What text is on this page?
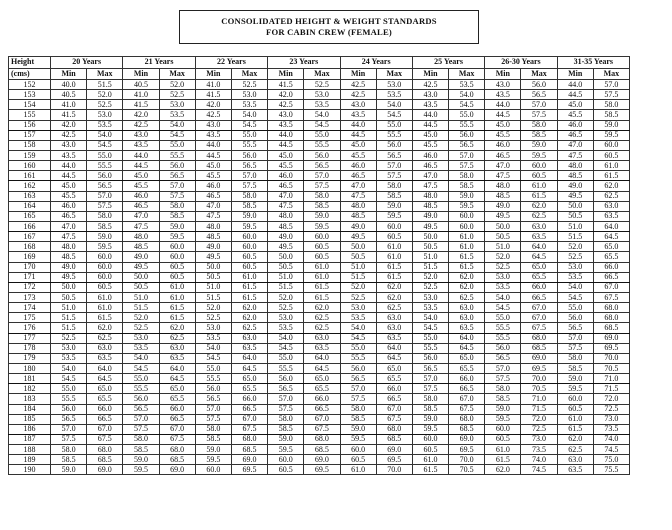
CONSOLIDATED HEIGHT & WEIGHT STANDARDS
FOR CABIN CREW (FEMALE)
Height	20 Years		21 Years		22 Years		23 Years		24 Years		25 Years		26-30 Years		31-35 Years	
(cms)	Min	Max	Min	Max	Min	Max	Min	Max	Min	Max	Min	Max	Min	Max	Min	Max
152	40.0	51.5	40.5	52.0	41.0	52.5	41.5	52.5	42.5	53.0	42.5	53.5	43.0	56.0	44.0	57.0
153	40.5	52.0	41.0	52.5	41.5	53.0	42.0	53.0	42.5	53.5	43.0	54.0	43.5	56.5	44.5	57.5
154	41.0	52.5	41.5	53.0	42.0	53.5	42.5	53.5	43.0	54.0	43.5	54.5	44.0	57.0	45.0	58.0
155	41.5	53.0	42.0	53.5	42.5	54.0	43.0	54.0	43.5	54.5	44.0	55.0	44.5	57.5	45.5	58.5
156	42.0	53.5	42.5	54.0	43.0	54.5	43.5	54.5	44.0	55.0	44.5	55.5	45.0	58.0	46.0	59.0
157	42.5	54.0	43.0	54.5	43.5	55.0	44.0	55.0	44.5	55.5	45.0	56.0	45.5	58.5	46.5	59.5
158	43.0	54.5	43.5	55.0	44.0	55.5	44.5	55.5	45.0	56.0	45.5	56.5	46.0	59.0	47.0	60.0
159	43.5	55.0	44.0	55.5	44.5	56.0	45.0	56.0	45.5	56.5	46.0	57.0	46.5	59.5	47.5	60.5
160	44.0	55.5	44.5	56.0	45.0	56.5	45.5	56.5	46.0	57.0	46.5	57.5	47.0	60.0	48.0	61.0
161	44.5	56.0	45.0	56.5	45.5	57.0	46.0	57.0	46.5	57.5	47.0	58.0	47.5	60.5	48.5	61.5
162	45.0	56.5	45.5	57.0	46.0	57.5	46.5	57.5	47.0	58.0	47.5	58.5	48.0	61.0	49.0	62.0
163	45.5	57.0	46.0	57.5	46.5	58.0	47.0	58.0	47.5	58.5	48.0	59.0	48.5	61.5	49.5	62.5
164	46.0	57.5	46.5	58.0	47.0	58.5	47.5	58.5	48.0	59.0	48.5	59.5	49.0	62.0	50.0	63.0
165	46.5	58.0	47.0	58.5	47.5	59.0	48.0	59.0	48.5	59.5	49.0	60.0	49.5	62.5	50.5	63.5
166	47.0	58.5	47.5	59.0	48.0	59.5	48.5	59.5	49.0	60.0	49.5	60.0	50.0	63.0	51.0	64.0
167	47.5	59.0	48.0	59.5	48.5	60.0	49.0	60.0	49.5	60.5	50.0	61.0	50.5	63.5	51.5	64.5
168	48.0	59.5	48.5	60.0	49.0	60.0	49.5	60.5	50.0	61.0	50.5	61.0	51.0	64.0	52.0	65.0
169	48.5	60.0	49.0	60.0	49.5	60.5	50.0	60.5	50.5	61.0	51.0	61.5	52.0	64.5	52.5	65.5
170	49.0	60.0	49.5	60.5	50.0	60.5	50.5	61.0	51.0	61.5	51.5	61.5	52.5	65.0	53.0	66.0
171	49.5	60.0	50.0	60.5	50.5	61.0	51.0	61.0	51.5	61.5	52.0	62.0	53.0	65.5	53.5	66.5
172	50.0	60.5	50.5	61.0	51.0	61.5	51.5	61.5	52.0	62.0	52.5	62.0	53.5	66.0	54.0	67.0
173	50.5	61.0	51.0	61.0	51.5	61.5	52.0	61.5	52.5	62.0	53.0	62.5	54.0	66.5	54.5	67.5
174	51.0	61.0	51.5	61.5	52.0	62.0	52.5	62.0	53.0	62.5	53.5	63.0	54.5	67.0	55.0	68.0
175	51.5	61.5	52.0	61.5	52.5	62.0	53.0	62.5	53.5	63.0	54.0	63.0	55.0	67.0	56.0	68.0
176	51.5	62.0	52.5	62.0	53.0	62.5	53.5	62.5	54.0	63.0	54.5	63.5	55.5	67.5	56.5	68.5
177	52.5	62.5	53.0	62.5	53.5	63.0	54.0	63.0	54.5	63.5	55.0	64.0	55.5	68.0	57.0	69.0
178	53.0	63.0	53.5	63.0	54.0	63.5	54.5	63.5	55.0	64.0	55.5	64.5	56.0	68.5	57.5	69.5
179	53.5	63.5	54.0	63.5	54.5	64.0	55.0	64.0	55.5	64.5	56.0	65.0	56.5	69.0	58.0	70.0
180	54.0	64.0	54.5	64.0	55.0	64.5	55.5	64.5	56.0	65.0	56.5	65.5	57.0	69.5	58.5	70.5
181	54.5	64.5	55.0	64.5	55.5	65.0	56.0	65.0	56.5	65.5	57.0	66.0	57.5	70.0	59.0	71.0
182	55.0	65.0	55.5	65.0	56.0	65.5	56.5	65.5	57.0	66.0	57.5	66.5	58.0	70.5	59.5	71.5
183	55.5	65.5	56.0	65.5	56.5	66.0	57.0	66.0	57.5	66.5	58.0	67.0	58.5	71.0	60.0	72.0
184	56.0	66.0	56.5	66.0	57.0	66.5	57.5	66.5	58.0	67.0	58.5	67.5	59.0	71.5	60.5	72.5
185	56.5	66.5	57.0	66.5	57.5	67.0	58.0	67.0	58.5	67.5	59.0	68.0	59.5	72.0	61.0	73.0
186	57.0	67.0	57.5	67.0	58.0	67.5	58.5	67.5	59.0	68.0	59.5	68.5	60.0	72.5	61.5	73.5
187	57.5	67.5	58.0	67.5	58.5	68.0	59.0	68.0	59.5	68.5	60.0	69.0	60.5	73.0	62.0	74.0
188	58.0	68.0	58.5	68.0	59.0	68.5	59.5	68.5	60.0	69.0	60.5	69.5	61.0	73.5	62.5	74.5
189	58.5	68.5	59.0	68.5	59.5	69.0	60.0	69.0	60.5	69.5	61.0	70.0	61.5	74.0	63.0	75.0
190	59.0	69.0	59.5	69.0	60.0	69.5	60.5	69.5	61.0	70.0	61.5	70.5	62.0	74.5	63.5	75.5
